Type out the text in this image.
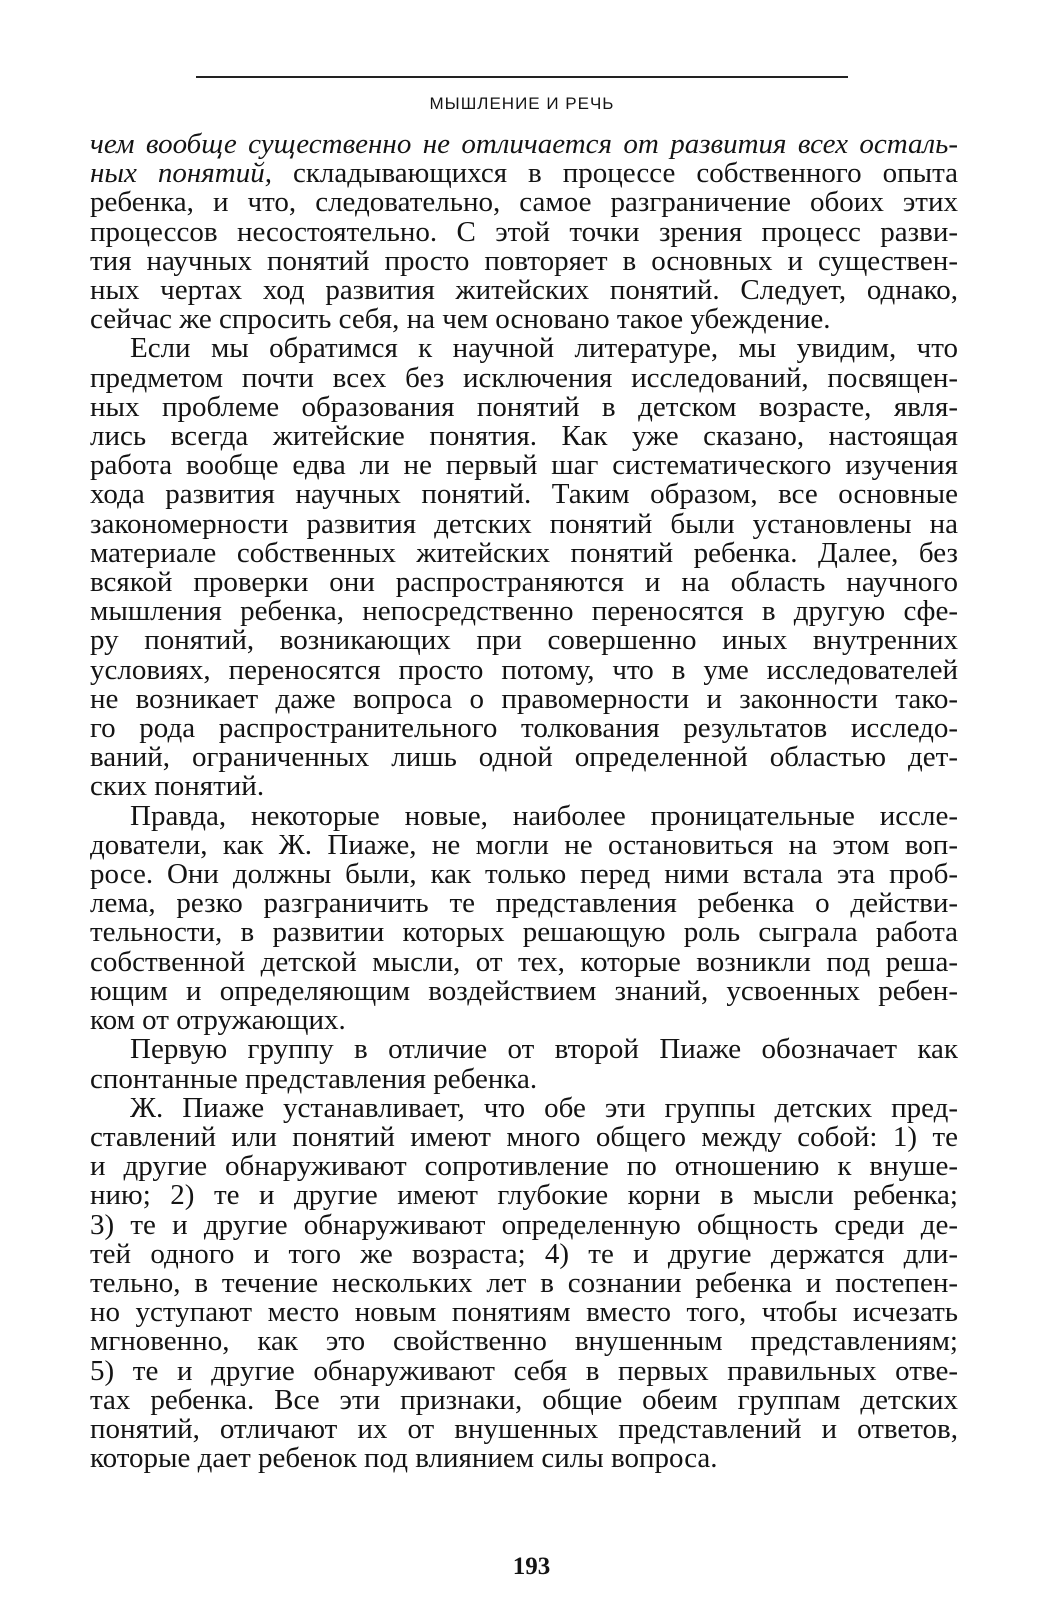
МЫШЛЕНИЕ И РЕЧЬ
чем вообще существенно не отличается от развития всех осталь-
ных понятий, складывающихся в процессе собственного опыта
ребенка, и что, следовательно, самое разграничение обоих этих
процессов несостоятельно. С этой точки зрения процесс разви-
тия научных понятий просто повторяет в основных и существен-
ных чертах ход развития житейских понятий. Следует, однако,
сейчас же спросить себя, на чем основано такое убеждение.
Если мы обратимся к научной литературе, мы увидим, что
предметом почти всех без исключения исследований, посвящен-
ных проблеме образования понятий в детском возрасте, явля-
лись всегда житейские понятия. Как уже сказано, настоящая
работа вообще едва ли не первый шаг систематического изучения
хода развития научных понятий. Таким образом, все основные
закономерности развития детских понятий были установлены на
материале собственных житейских понятий ребенка. Далее, без
всякой проверки они распространяются и на область научного
мышления ребенка, непосредственно переносятся в другую сфе-
ру понятий, возникающих при совершенно иных внутренних
условиях, переносятся просто потому, что в уме исследователей
не возникает даже вопроса о правомерности и законности тако-
го рода распространительного толкования результатов исследо-
ваний, ограниченных лишь одной определенной областью дет-
ских понятий.
Правда, некоторые новые, наиболее проницательные иссле-
дователи, как Ж. Пиаже, не могли не остановиться на этом воп-
росе. Они должны были, как только перед ними встала эта проб-
лема, резко разграничить те представления ребенка о действи-
тельности, в развитии которых решающую роль сыграла работа
собственной детской мысли, от тех, которые возникли под реша-
ющим и определяющим воздействием знаний, усвоенных ребен-
ком от отружающих.
Первую группу в отличие от второй Пиаже обозначает как
спонтанные представления ребенка.
Ж. Пиаже устанавливает, что обе эти группы детских пред-
ставлений или понятий имеют много общего между собой: 1) те
и другие обнаруживают сопротивление по отношению к внуше-
нию; 2) те и другие имеют глубокие корни в мысли ребенка;
3) те и другие обнаруживают определенную общность среди де-
тей одного и того же возраста; 4) те и другие держатся дли-
тельно, в течение нескольких лет в сознании ребенка и постепен-
но уступают место новым понятиям вместо того, чтобы исчезать
мгновенно, как это свойственно внушенным представлениям;
5) те и другие обнаруживают себя в первых правильных отве-
тах ребенка. Все эти признаки, общие обеим группам детских
понятий, отличают их от внушенных представлений и ответов,
которые дает ребенок под влиянием силы вопроса.
193
